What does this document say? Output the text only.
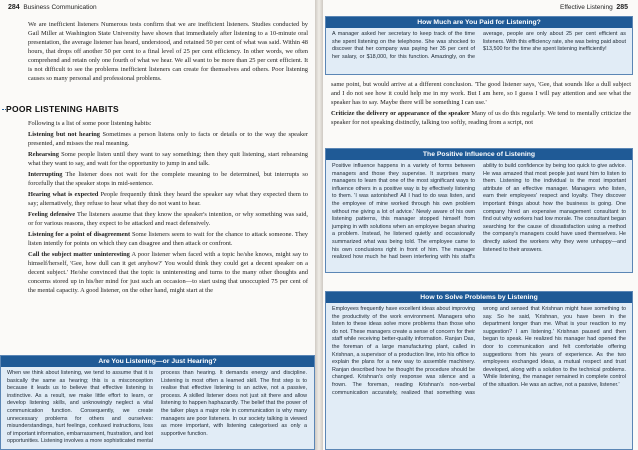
284 Business Communication
We are inefficient listeners Numerous tests confirm that we are inefficient listeners. Studies conducted by Gail Miller at Washington State University have shown that immediately after listening to a 10-minute oral presentation, the average listener has heard, understood, and retained 50 per cent of what was said. Within 48 hours, that drops off another 50 per cent to a final level of 25 per cent efficiency. In other words, we often comprehend and retain only one fourth of what we hear. We all want to be more than 25 per cent efficient. It is not difficult to see the problems inefficient listeners can create for themselves and others. Poor listening causes so many personal and professional problems.
POOR LISTENING HABITS

Following is a list of some poor listening habits:

Listening but not hearing Sometimes a person listens only to facts or details or to the way the speaker presented, and misses the real meaning.

Rehearsing Some people listen until they want to say something; then they quit listening, start rehearsing what they want to say, and wait for the opportunity to jump in and talk.

Interrupting The listener does not wait for the complete meaning to be determined, but interrupts so forcefully that the speaker stops in mid-sentence.

Hearing what is expected People frequently think they heard the speaker say what they expected them to say; alternatively, they refuse to hear what they do not want to hear.

Feeling defensive The listeners assume that they know the speaker's intention, or why something was said, or for various reasons, they expect to be attacked and react defensively.

Listening for a point of disagreement Some listeners seem to wait for the chance to attack someone. They listen intently for points on which they can disagree and then attack or confront.

Call the subject matter uninteresting A poor listener when faced with a topic he/she knows, might say to himself/herself, 'Gee, how dull can it get anyhow?' You would think they could get a decent speaker on a decent subject.' He/she convinced that the topic is uninteresting and turns to the many other thoughts and concerns stored up in his/her mind for just such an occasion—to start using that unoccupied 75 per cent of the mental capacity. A good listener, on the other hand, might start at the

Are You Listening—or Just Hearing?
When we think about listening, we tend to assume that it is basically the same as hearing; this is a misconception because it leads us to believe that effective listening is instinctive. As a result, we make little effort to learn, or develop listening skills, and unknowingly neglect a vital communication function. Consequently, we create unnecessary problems for others and ourselves: misunderstandings, hurt feelings, confused instructions, loss of important information, embarrassment, frustration, and lost opportunities. Listening involves a more sophisticated mental process than hearing. It demands energy and discipline. Listening is most often a learned skill. The first step is to realise that effective listening is an active, not a passive, process. A skilled listener does not just sit there and allow listening to happen haphazardly. The belief that the power of the talker plays a major role in communication is why many managers are poor listeners. In our society talking is viewed as more important, with listening categorised as only a supportive function.
Effective Listening 285
How Much are You Paid for Listening?
A manager asked her secretary to keep track of the time she spent listening on the telephone. She was shocked to discover that her company was paying her 35 per cent of her salary, or $18,000, for this function. Amazingly, on the average, people are only about 25 per cent efficient as listeners. With this efficiency rate, she was being paid about $13,500 for the time she spent listening inefficiently!

same point, but would arrive at a different conclusion. 'The good listener says, 'Gee, that sounds like a dull subject and I do not see how it could help me in my work. But I am here, so I guess I will pay attention and see what the speaker has to say. Maybe there will be something I can use.'

Criticize the delivery or appearance of the speaker Many of us do this regularly. We tend to mentally criticize the speaker for not speaking distinctly, talking too softly, reading from a script, not

The Positive Influence of Listening
Positive influence happens in a variety of forms between managers and those they supervise. It surprises many managers to learn that one of the most significant ways to influence others in a positive way is by effectively listening to them. 'I was astonished! All I had to do was listen, and the employee of mine worked through his own problem without me giving a lot of advice.' Newly aware of his own listening patterns, this manager stopped himself from jumping in with solutions when an employee began sharing a problem. Instead, he listened quietly and occasionally summarized what was being told. The employee came to his own conclusions right in front of him. The manager realized how much he had been interfering with his staff's ability to build confidence by being too quick to give advice. He was amazed that most people just want him to listen to them. Listening to the individual is the most important attribute of an effective manager. Managers who listen, earn their employees' respect and loyalty. They discover important things about how the business is going. One company hired an expensive management consultant to find out why workers had low morale. The consultant began searching for the cause of dissatisfaction using a method the company's managers could have used themselves. He directly asked the workers why they were unhappy—and listened to their answers.
How to Solve Problems by Listening
Employees frequently have excellent ideas about improving the productivity of the work environment. Managers who listen to these ideas solve more problems than those who do not. These managers create a sense of concern for their staff while receiving better-quality information. Ranjan Das, the foreman of a large manufacturing plant, called in Krishnan, a supervisor of a production line, into his office to explain the plans for a new way to assemble machinery. Ranjan described how he thought the procedure should be changed. Krishnan's only response was silence and a frown. The foreman, reading Krishnan's non-verbal communication accurately, realized that something was wrong and sensed that Krishnan might have something to say. So he said, 'Krishnan, you have been in the department longer than me. What is your reaction to my suggestion? I am listening.' Krishnan paused and then began to speak. He realized his manager had opened the door to communication and felt comfortable offering suggestions from his years of experience. As the two employees exchanged ideas, a mutual respect and trust developed, along with a solution to the technical problems. 'While listening, the manager remained in complete control of the situation. He was an active, not a passive, listener.'
